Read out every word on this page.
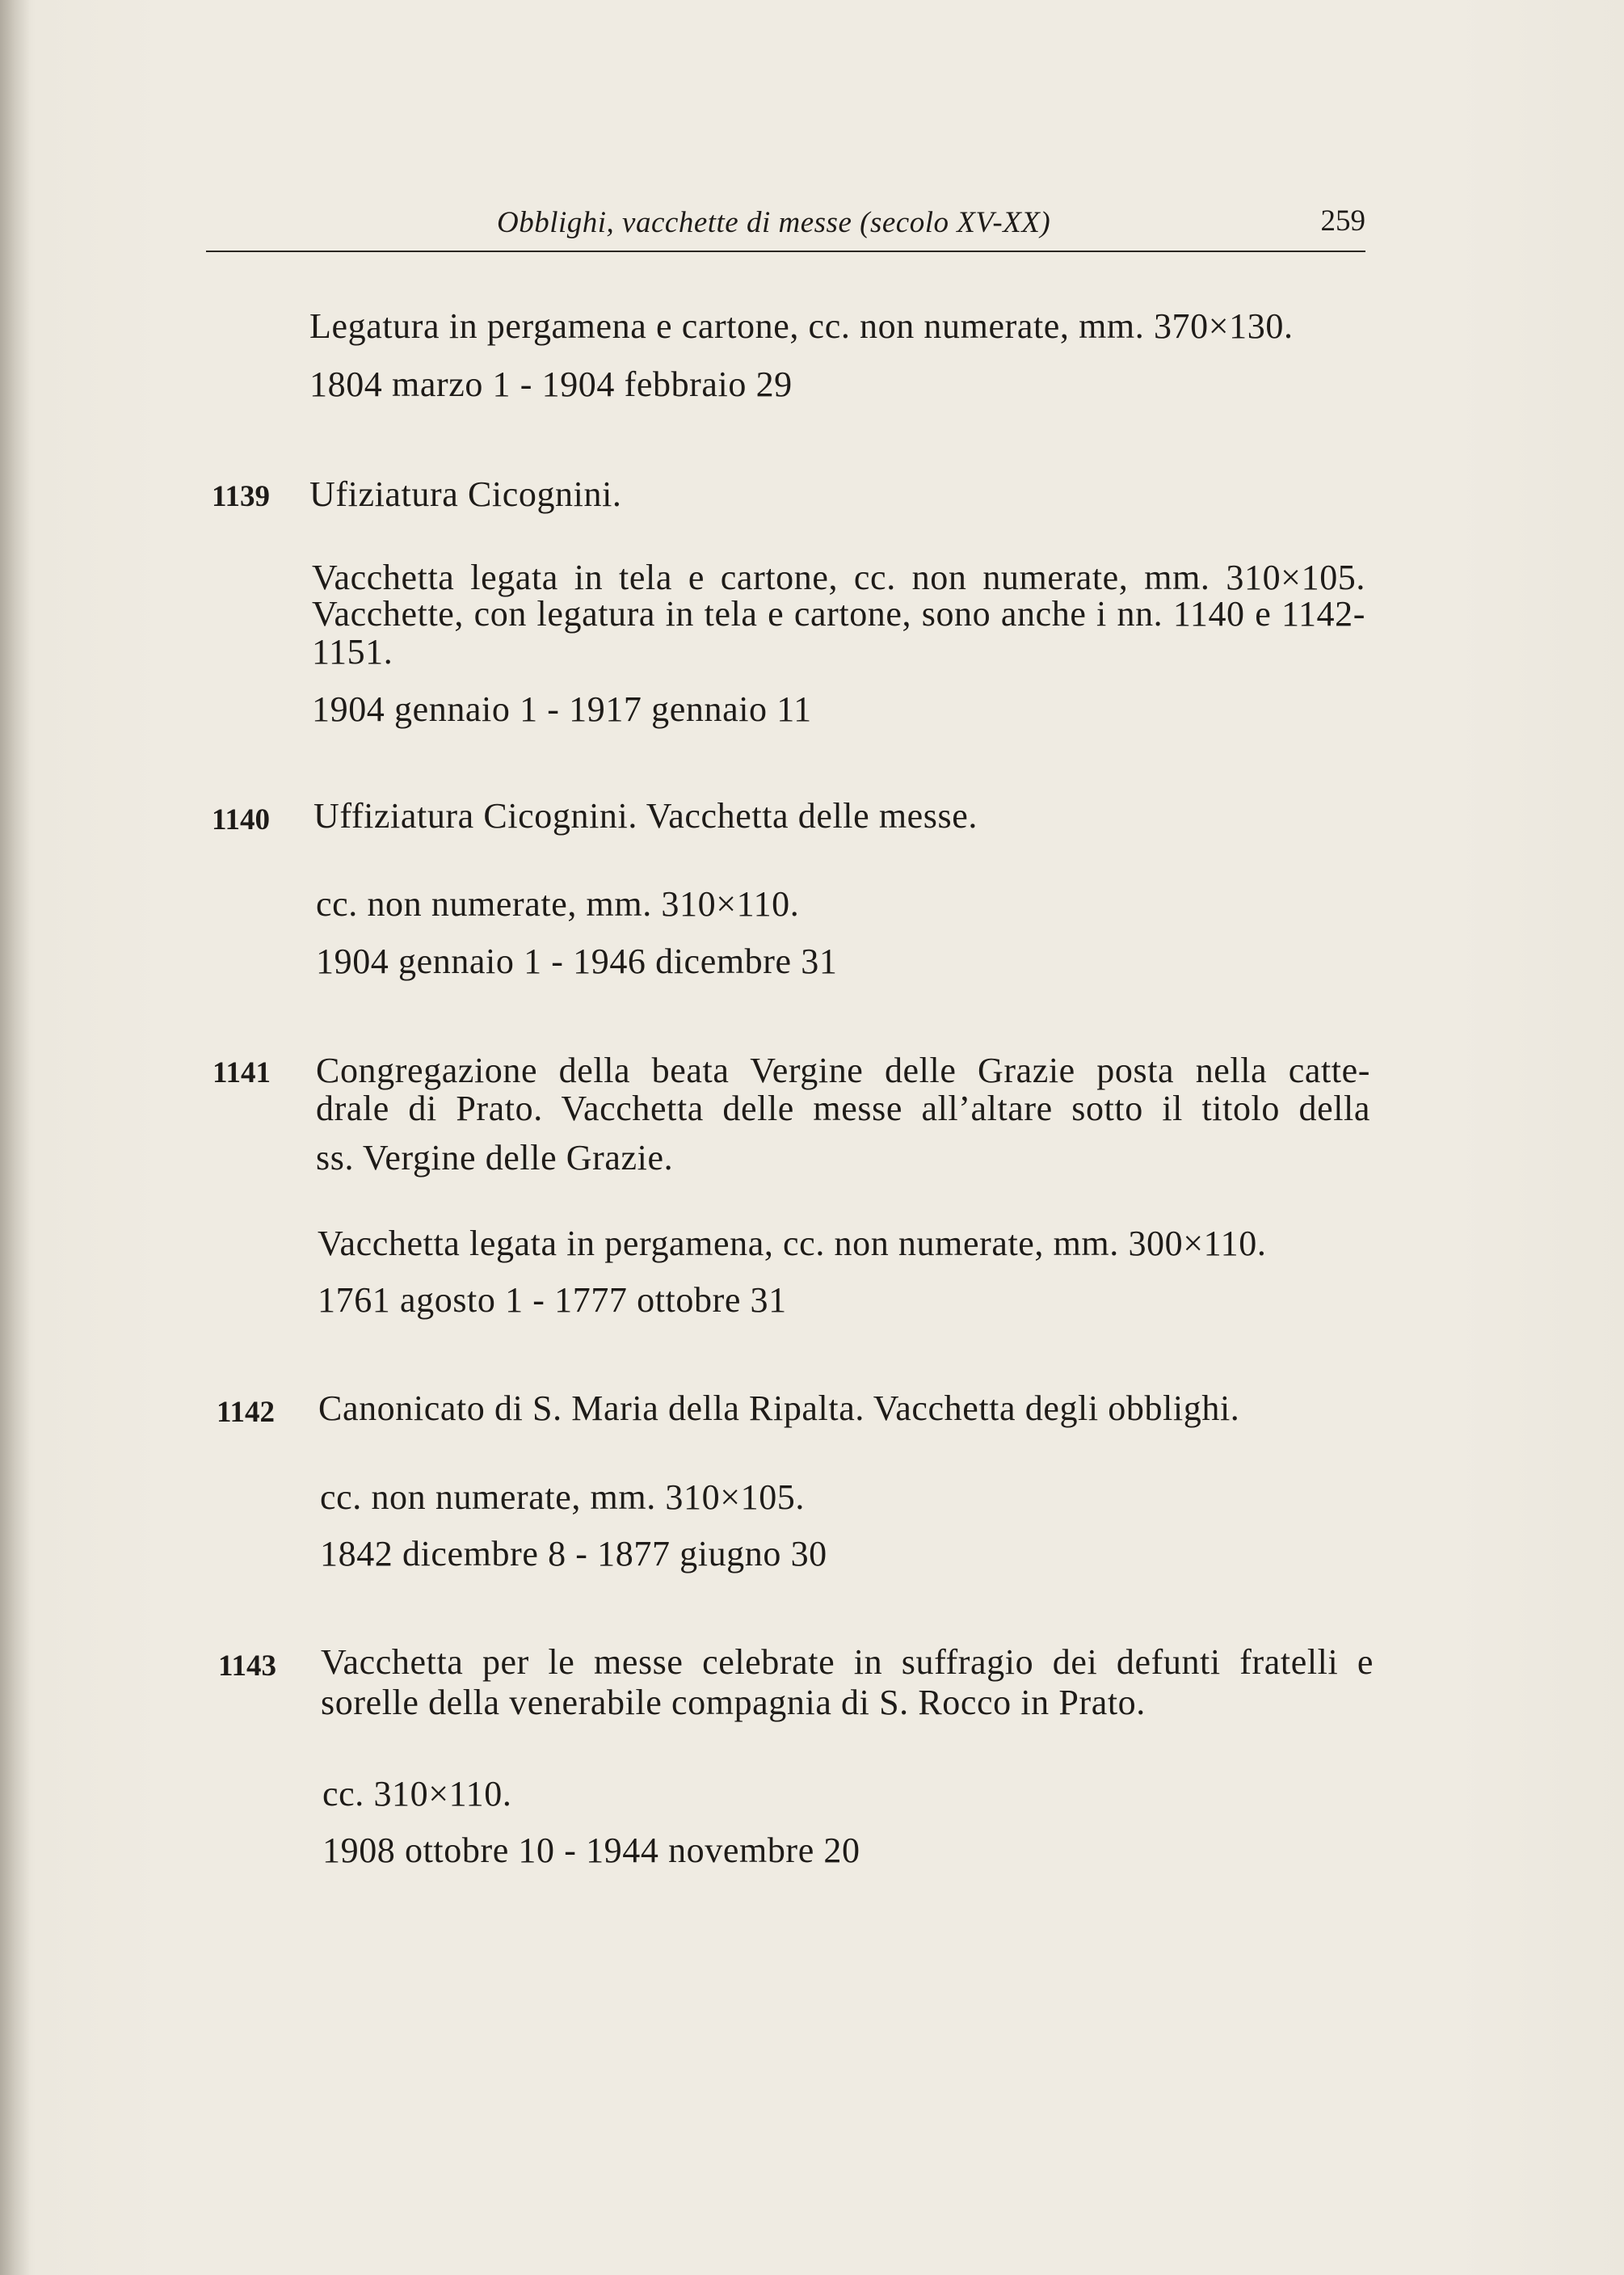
Obblighi, vacchette di messe (secolo XV-XX)	259
Legatura in pergamena e cartone, cc. non numerate, mm. 370×130.
1804 marzo 1 - 1904 febbraio 29
1139 Ufiziatura Cicognini.
Vacchetta legata in tela e cartone, cc. non numerate, mm. 310×105.
Vacchette, con legatura in tela e cartone, sono anche i nn. 1140 e 1142-
1151.
1904 gennaio 1 - 1917 gennaio 11
1140 Uffiziatura Cicognini. Vacchetta delle messe.
cc. non numerate, mm. 310×110.
1904 gennaio 1 - 1946 dicembre 31
1141 Congregazione della beata Vergine delle Grazie posta nella catte-
drale di Prato. Vacchetta delle messe all’altare sotto il titolo della
ss. Vergine delle Grazie.
Vacchetta legata in pergamena, cc. non numerate, mm. 300×110.
1761 agosto 1 - 1777 ottobre 31
1142 Canonicato di S. Maria della Ripalta. Vacchetta degli obblighi.
cc. non numerate, mm. 310×105.
1842 dicembre 8 - 1877 giugno 30
1143 Vacchetta per le messe celebrate in suffragio dei defunti fratelli e
sorelle della venerabile compagnia di S. Rocco in Prato.
cc. 310×110.
1908 ottobre 10 - 1944 novembre 20
